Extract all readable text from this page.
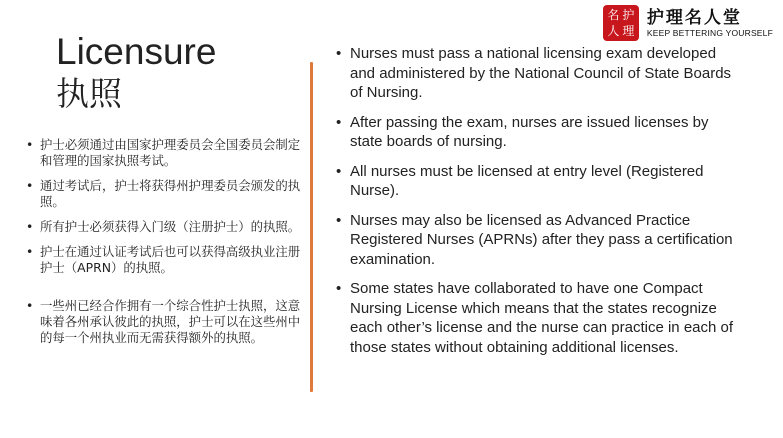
名 护
人 理
护理名人堂
KEEP BETTERING YOURSELF
Licensure
执照
• 护士必须通过由国家护理委员会全国委员会制定和管理的国家执照考试。
• 通过考试后，护士将获得州护理委员会颁发的执照。
• 所有护士必须获得入门级（注册护士）的执照。
• 护士在通过认证考试后也可以获得高级执业注册护士（APRN）的执照。
• 一些州已经合作拥有一个综合性护士执照，这意味着各州承认彼此的执照，护士可以在这些州中的每一个州执业而无需获得额外的执照。
• Nurses must pass a national licensing exam developed and administered by the National Council of State Boards of Nursing.
• After passing the exam, nurses are issued licenses by state boards of nursing.
• All nurses must be licensed at entry level (Registered Nurse).
• Nurses may also be licensed as Advanced Practice Registered Nurses (APRNs) after they pass a certification examination.
• Some states have collaborated to have one Compact Nursing License which means that the states recognize each other’s license and the nurse can practice in each of those states without obtaining additional licenses.
